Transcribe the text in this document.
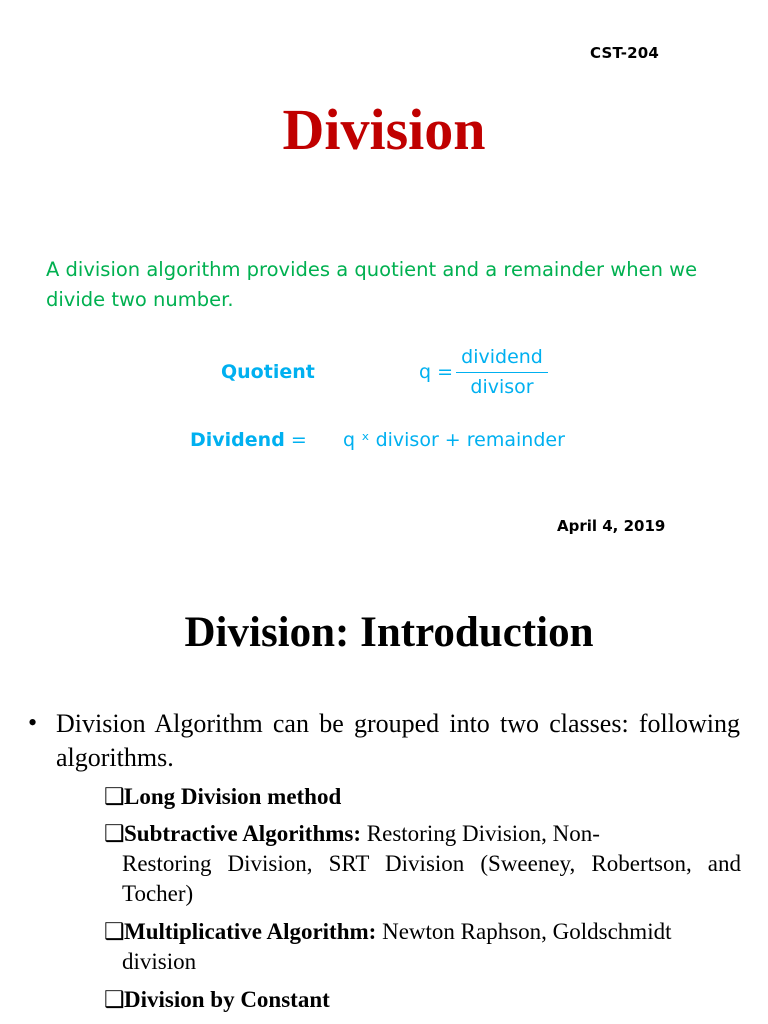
CST-204
Division
A division algorithm provides a quotient and a remainder when we divide two number.
Quotient	q =
dividend
divisor
Dividend = q ˣ divisor + remainder
April 4, 2019
Division: Introduction
• Division Algorithm can be grouped into two classes: following algorithms.
❑Long Division method
❑Subtractive Algorithms: Restoring Division, Non-
Restoring Division, SRT Division (Sweeney, Robertson, and Tocher)
❑Multiplicative Algorithm: Newton Raphson, Goldschmidt
division
❑Division by Constant
